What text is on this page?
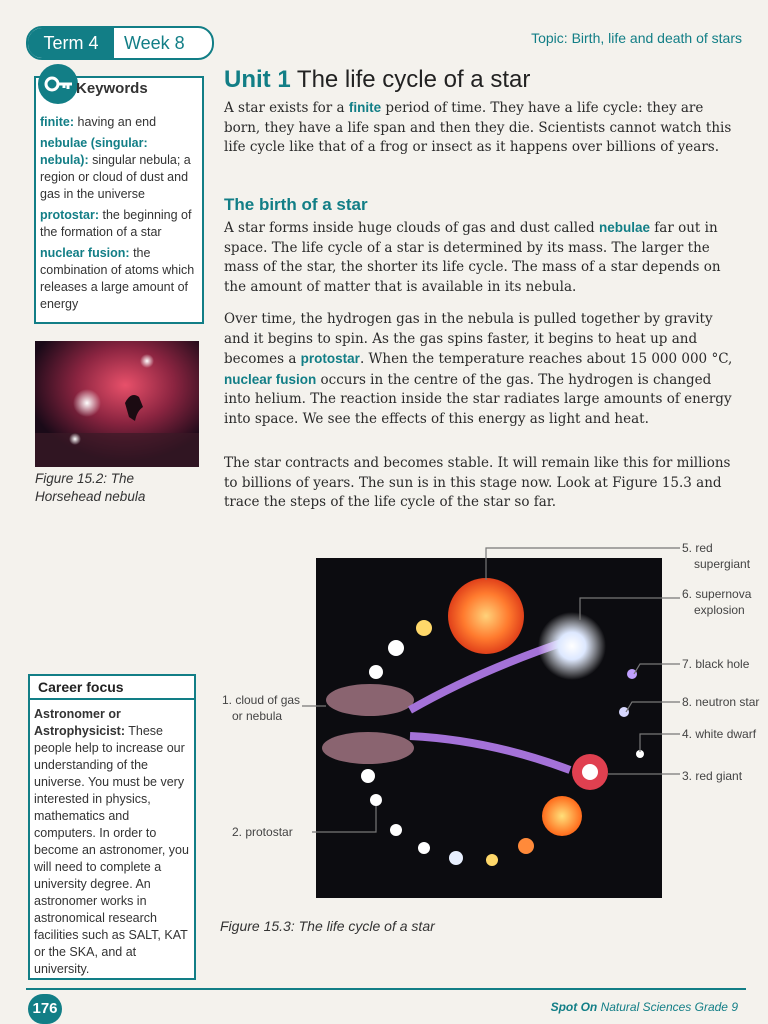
Term 4	Week 8	Topic: Birth, life and death of stars
Keywords

finite: having an end

nebulae (singular: nebula): singular nebula; a region or cloud of dust and gas in the universe

protostar: the beginning of the formation of a star

nuclear fusion: the combination of atoms which releases a large amount of energy

Figure 15.2: The Horsehead nebula
Career focus
Astronomer or Astrophysicist: These people help to increase our understanding of the universe. You must be very interested in physics, mathematics and computers. In order to become an astronomer, you will need to complete a university degree. An astronomer works in astronomical research facilities such as SALT, KAT or the SKA, and at university.
Unit 1 The life cycle of a star
A star exists for a finite period of time. They have a life cycle: they are born, they have a life span and then they die. Scientists cannot watch this life cycle like that of a frog or insect as it happens over billions of years.
The birth of a star
A star forms inside huge clouds of gas and dust called nebulae far out in space. The life cycle of a star is determined by its mass. The larger the mass of the star, the shorter its life cycle. The mass of a star depends on the amount of matter that is available in its nebula.
Over time, the hydrogen gas in the nebula is pulled together by gravity and it begins to spin. As the gas spins faster, it begins to heat up and becomes a protostar. When the temperature reaches about 15 000 000 °C, nuclear fusion occurs in the centre of the gas. The hydrogen is changed into helium. The reaction inside the star radiates large amounts of energy into space. We see the effects of this energy as light and heat.
The star contracts and becomes stable. It will remain like this for millions to billions of years. The sun is in this stage now. Look at Figure 15.3 and trace the steps of the life cycle of the star so far.
5. red
supergiant
6. supernova
explosion
7. black hole
8. neutron star
4. white dwarf
3. red giant
1. cloud of gas
or nebula
2. protostar
Figure 15.3: The life cycle of a star
176	Spot On Natural Sciences Grade 9
